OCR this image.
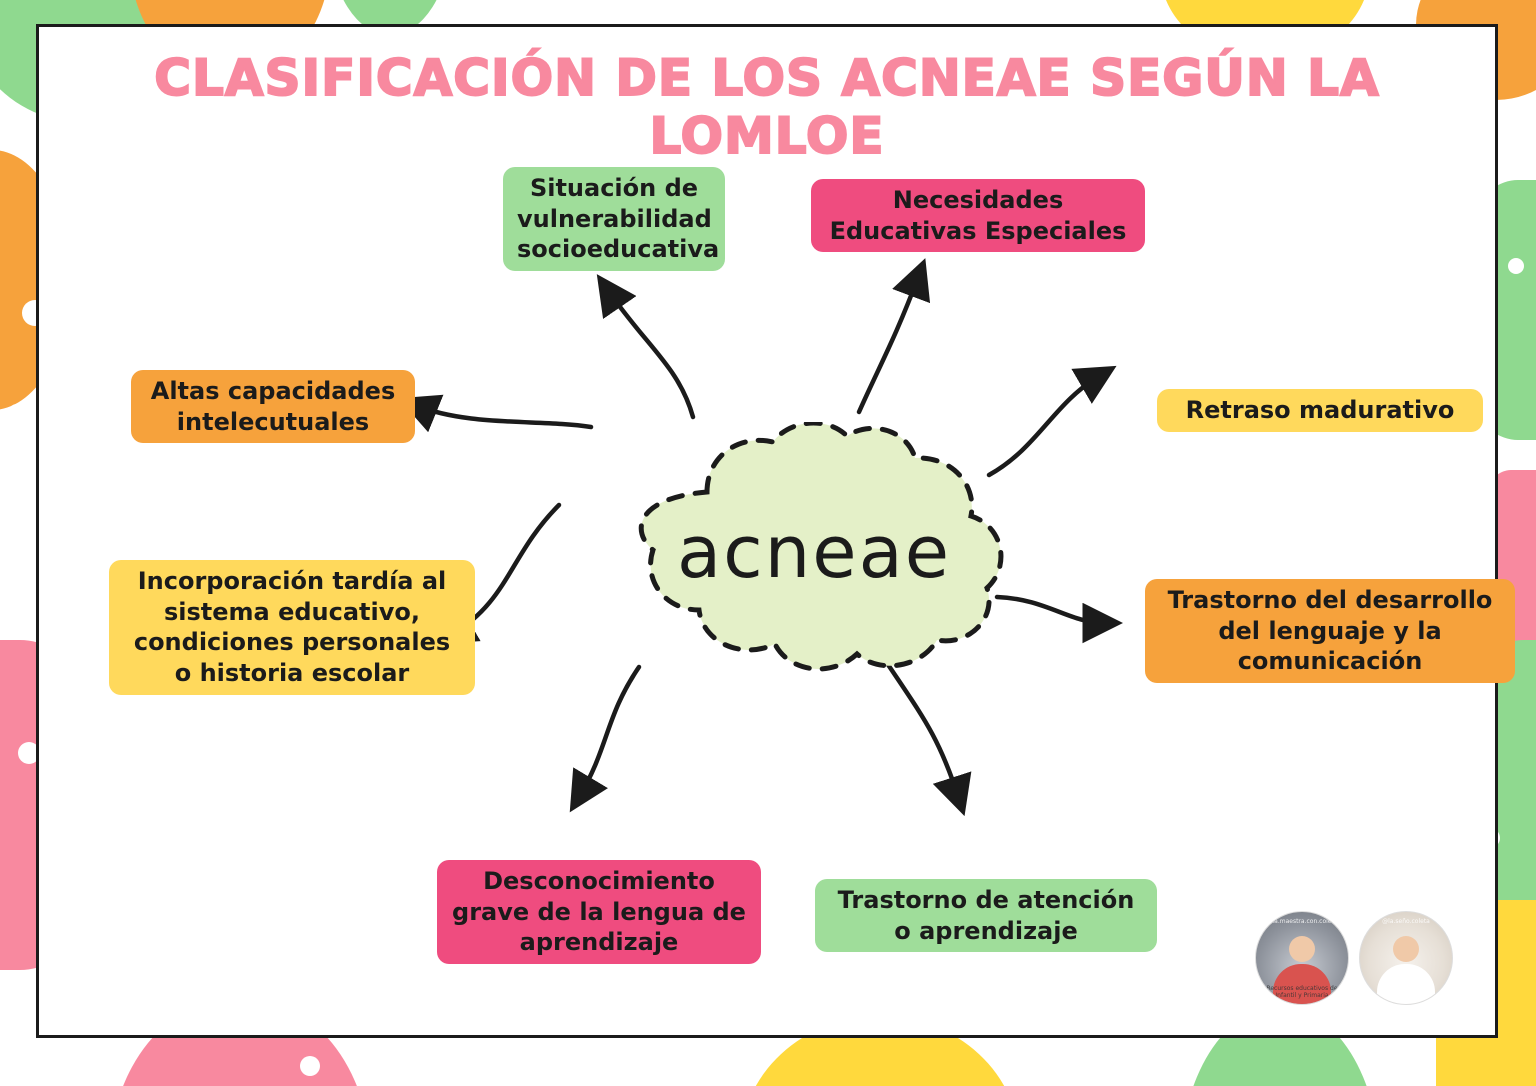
CLASIFICACIÓN DE LOS ACNEAE SEGÚN LA LOMLOE
acneae
Situación de vulnerabilidad socioeducativa
Necesidades Educativas Especiales
Altas capacidades intelecutuales	Retraso madurativo
Incorporación tardía al sistema educativo, condiciones personales o historia escolar
Trastorno del desarrollo del lenguaje y la comunicación
Desconocimiento grave de la lengua de aprendizaje
Trastorno de atención o aprendizaje	@la.maestra.con.coleta
Recursos educativos de Infantil y Primaria
@la.seño.coleta
